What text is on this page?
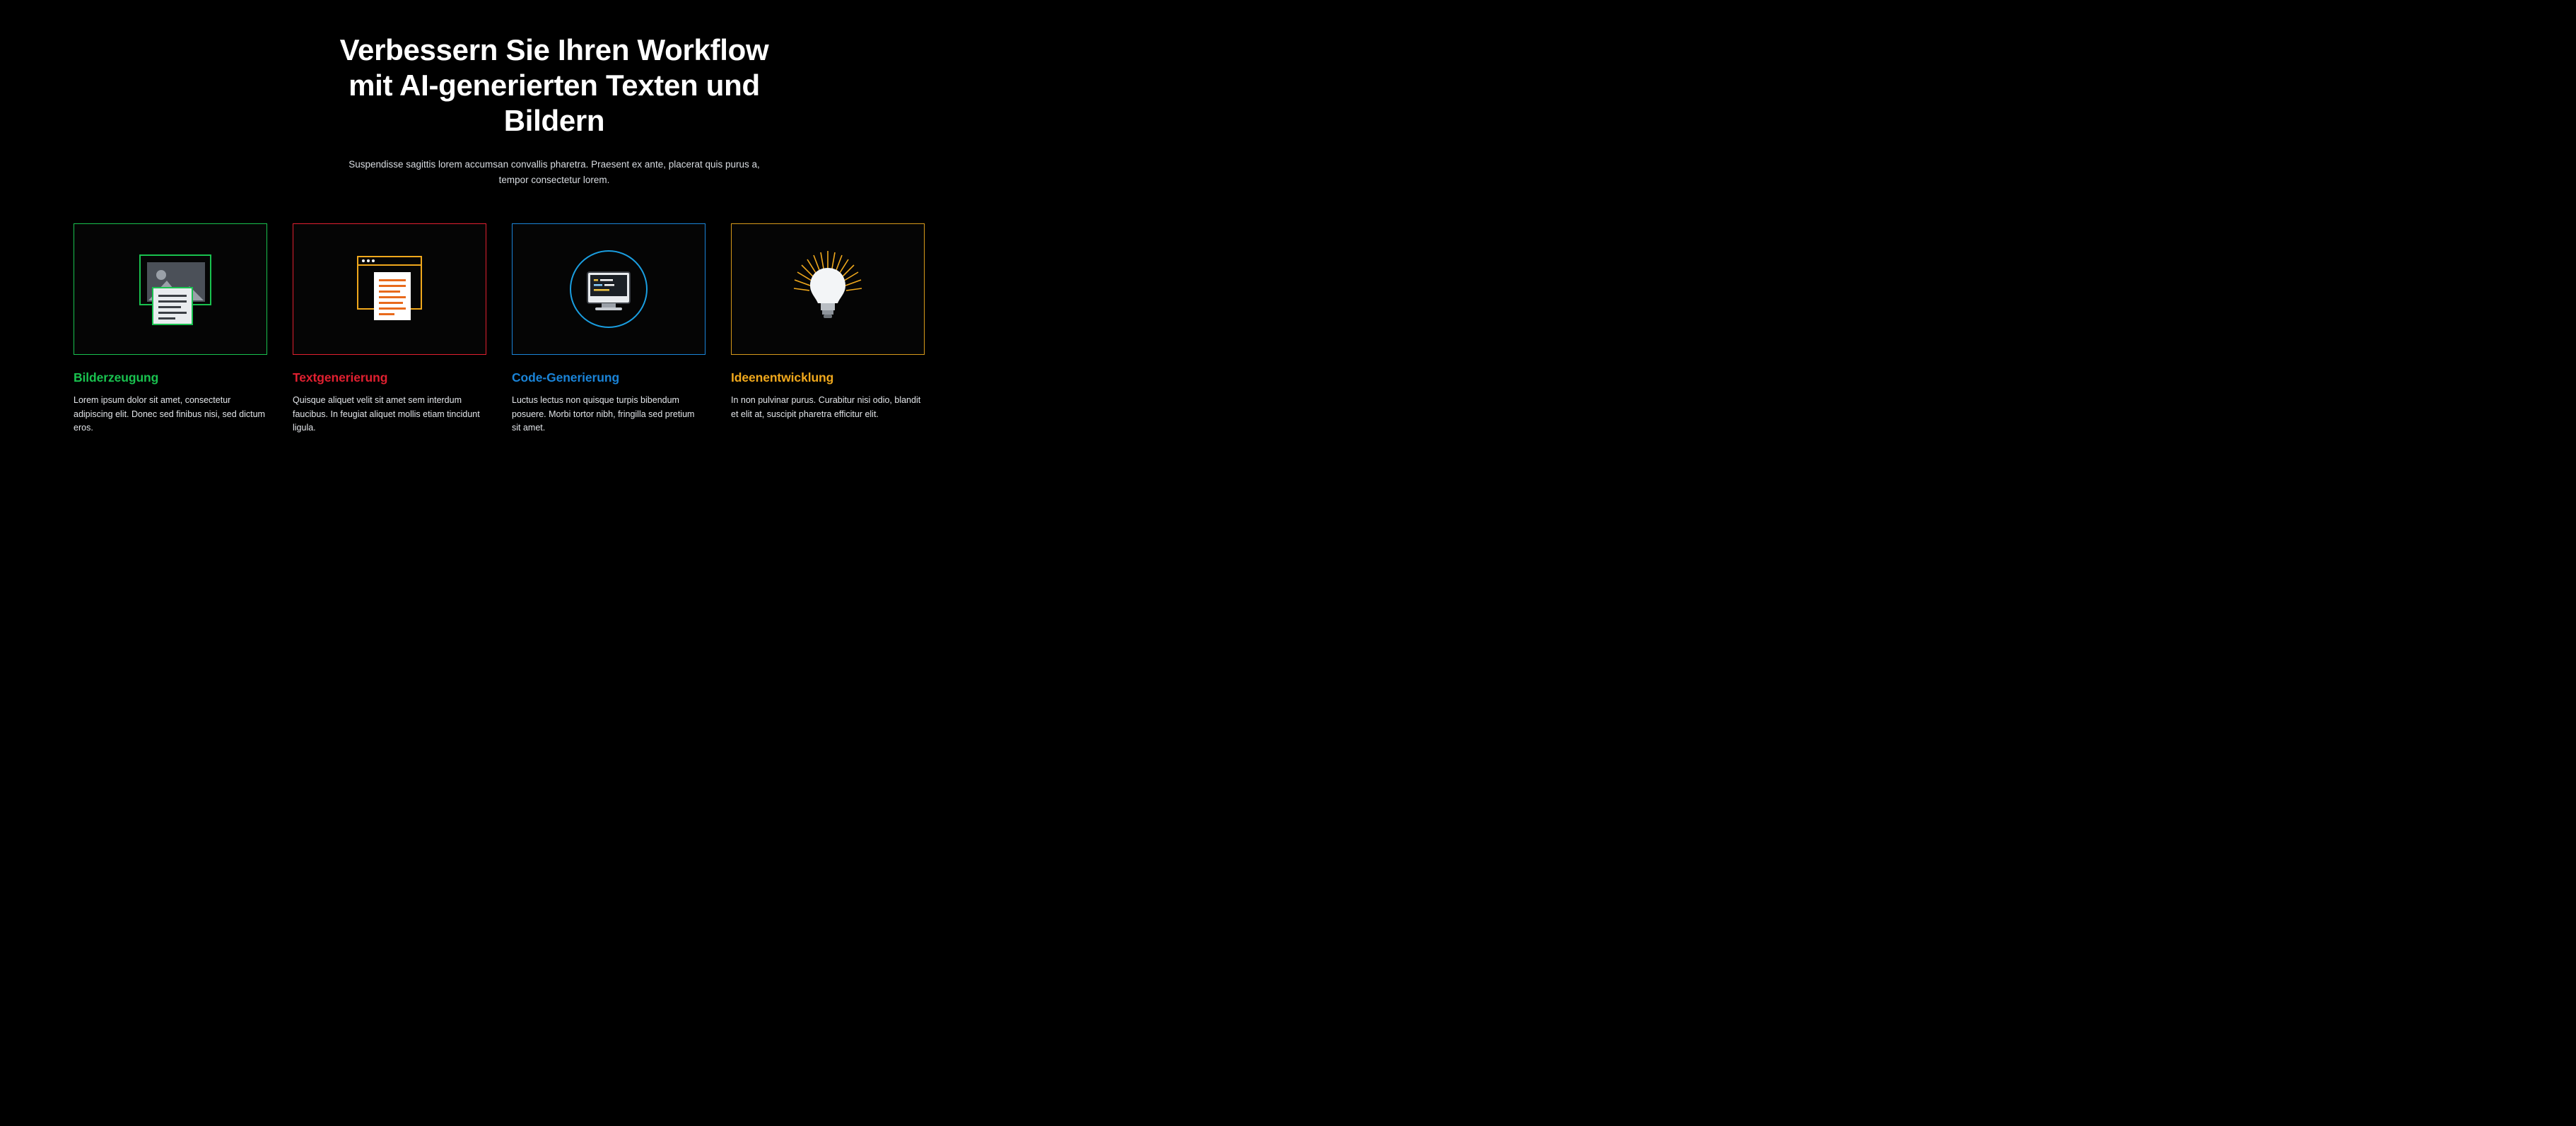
Verbessern Sie Ihren Workflow mit AI-generierten Texten und Bildern

Suspendisse sagittis lorem accumsan convallis pharetra. Praesent ex ante, placerat quis purus a, tempor consectetur lorem.

Bilderzeugung
Lorem ipsum dolor sit amet, consectetur adipiscing elit. Donec sed finibus nisi, sed dictum eros.
Textgenerierung
Quisque aliquet velit sit amet sem interdum faucibus. In feugiat aliquet mollis etiam tincidunt ligula.
Code-Generierung
Luctus lectus non quisque turpis bibendum posuere. Morbi tortor nibh, fringilla sed pretium sit amet.
Ideenentwicklung
In non pulvinar purus. Curabitur nisi odio, blandit et elit at, suscipit pharetra efficitur elit.
